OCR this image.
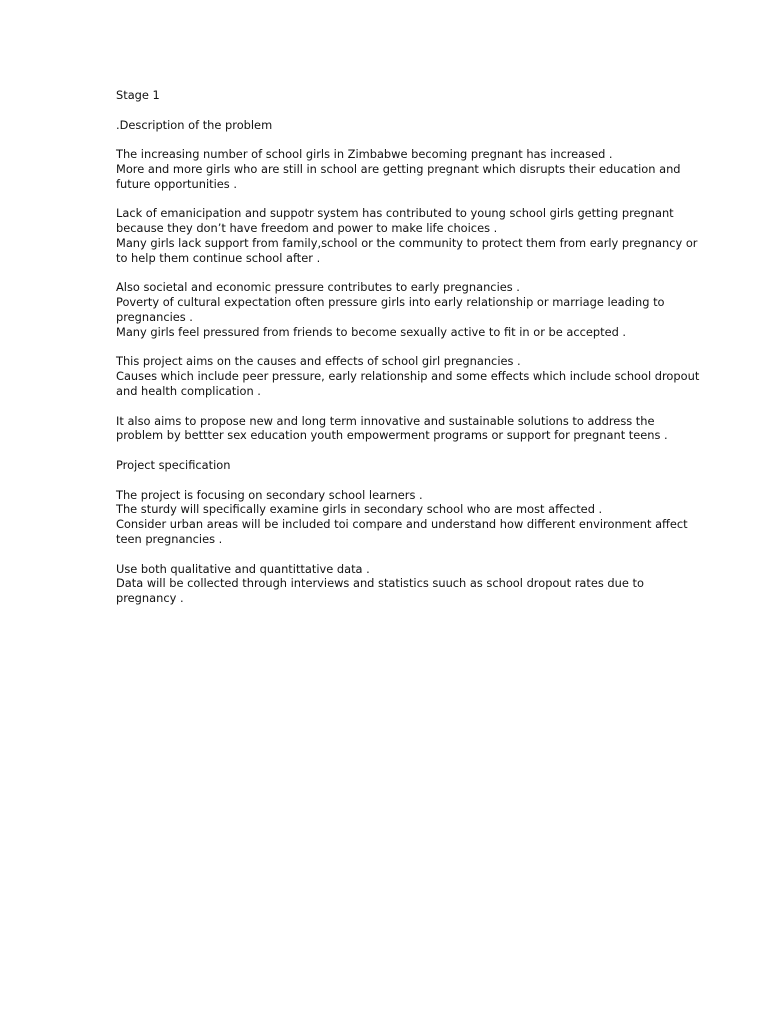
Stage 1
.Description of the problem
The increasing number of school girls in Zimbabwe becoming pregnant has increased .
More and more girls who are still in school are getting pregnant which disrupts their education and
future opportunities .
Lack of emanicipation and suppotr system has contributed to young school girls getting pregnant
because they don’t have freedom and power to make life choices .
Many girls lack support from family,school or the community to protect them from early pregnancy or
to help them continue school after .
Also societal and economic pressure contributes to early pregnancies .
Poverty of cultural expectation often pressure girls into early relationship or marriage leading to
pregnancies .
Many girls feel pressured from friends to become sexually active to fit in or be accepted .
This project aims on the causes and effects of school girl pregnancies .
Causes which include peer pressure, early relationship and some effects which include school dropout
and health complication .
It also aims to propose new and long term innovative and sustainable solutions to address the
problem by bettter sex education youth empowerment programs or support for pregnant teens .
Project specification
The project is focusing on secondary school learners .
The sturdy will specifically examine girls in secondary school who are most affected .
Consider urban areas will be included toi compare and understand how different environment affect
teen pregnancies .
Use both qualitative and quantittative data .
Data will be collected through interviews and statistics suuch as school dropout rates due to
pregnancy .
